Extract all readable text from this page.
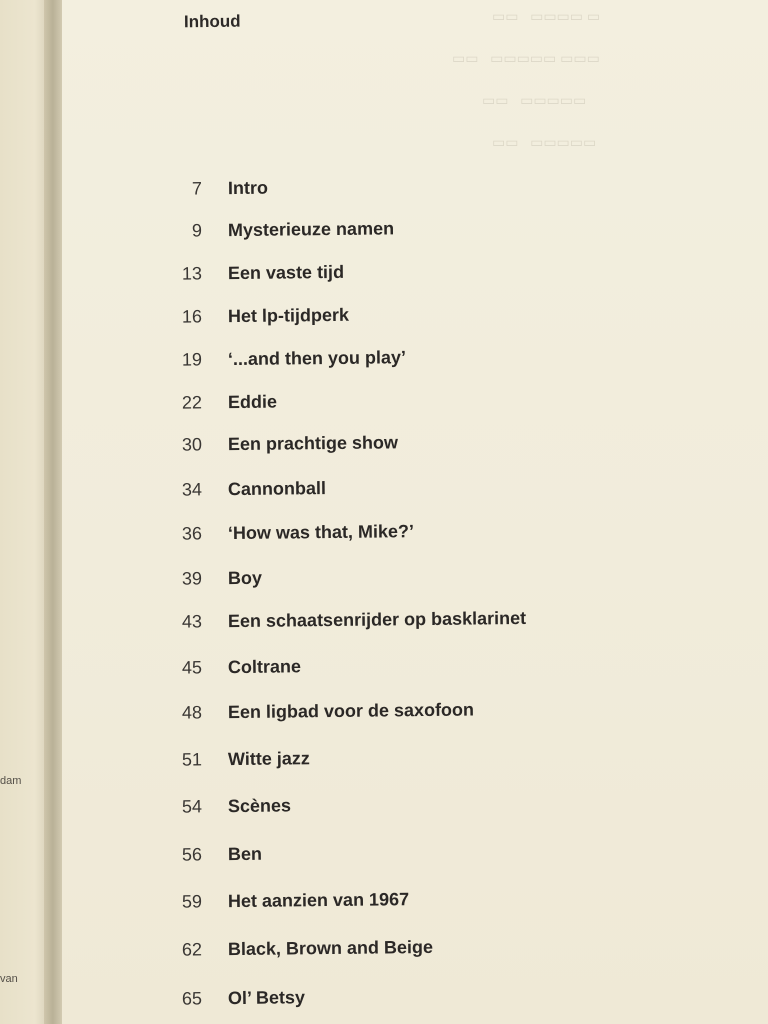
dam
van
▭ ▭▭▭▭   ▭▭
▭▭▭ ▭▭▭▭▭   ▭▭
▭▭▭▭▭   ▭▭
▭▭▭▭▭   ▭▭
Inhoud
7 Intro
9 Mysterieuze namen
13 Een vaste tijd
16 Het lp-tijdperk
19 ‘...and then you play’
22 Eddie
30 Een prachtige show
34 Cannonball
36 ‘How was that, Mike?’
39 Boy
43 Een schaatsenrijder op basklarinet
45 Coltrane
48 Een ligbad voor de saxofoon
51 Witte jazz
54 Scènes
56 Ben
59 Het aanzien van 1967
62 Black, Brown and Beige
65 Ol’ Betsy
